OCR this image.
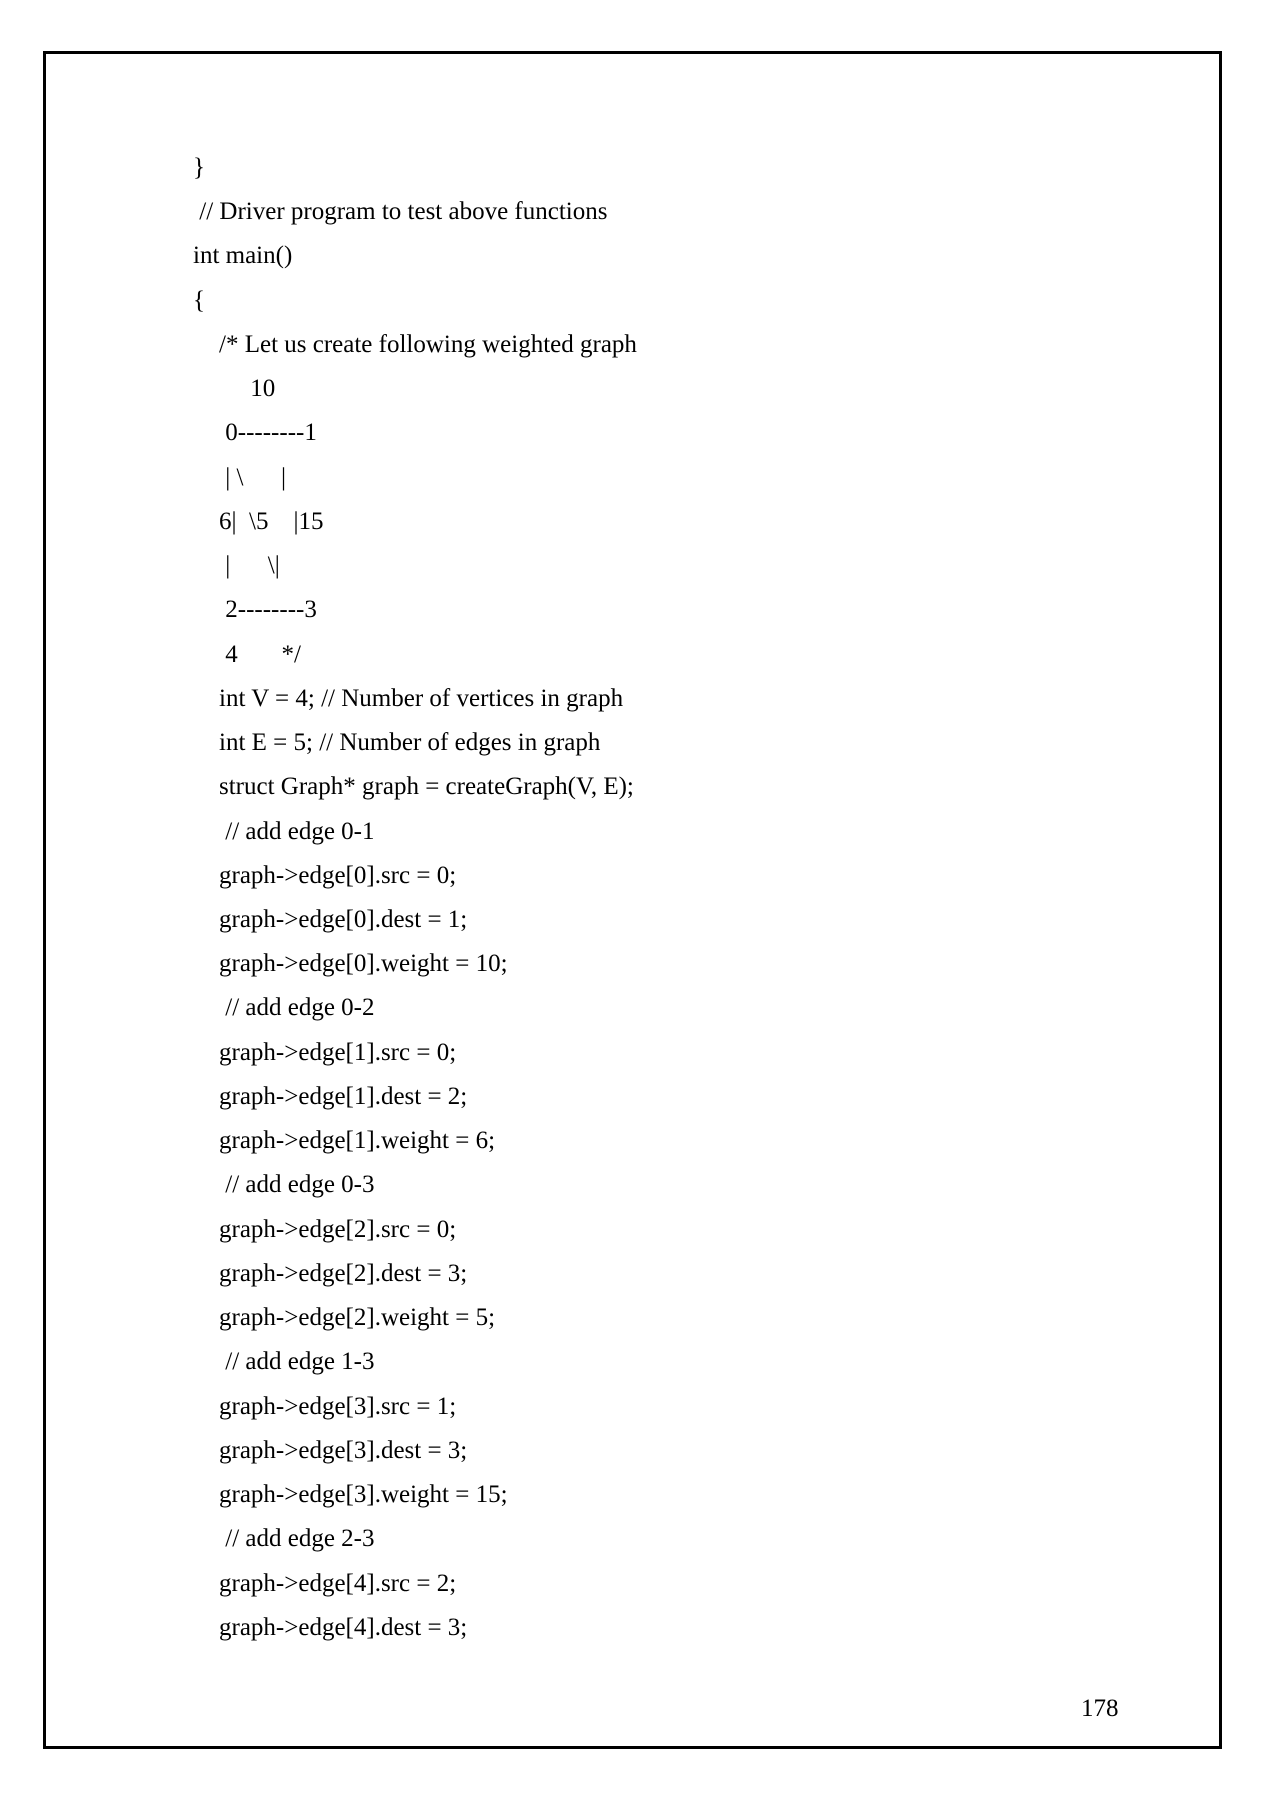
}
// Driver program to test above functions
int main()
{
/* Let us create following weighted graph
10
0--------1
| \      |
6|  \5    |15
|      \|
2--------3
4       */
int V = 4; // Number of vertices in graph
int E = 5; // Number of edges in graph
struct Graph* graph = createGraph(V, E);
// add edge 0-1
graph->edge[0].src = 0;
graph->edge[0].dest = 1;
graph->edge[0].weight = 10;
// add edge 0-2
graph->edge[1].src = 0;
graph->edge[1].dest = 2;
graph->edge[1].weight = 6;
// add edge 0-3
graph->edge[2].src = 0;
graph->edge[2].dest = 3;
graph->edge[2].weight = 5;
// add edge 1-3
graph->edge[3].src = 1;
graph->edge[3].dest = 3;
graph->edge[3].weight = 15;
// add edge 2-3
graph->edge[4].src = 2;
graph->edge[4].dest = 3;
178
